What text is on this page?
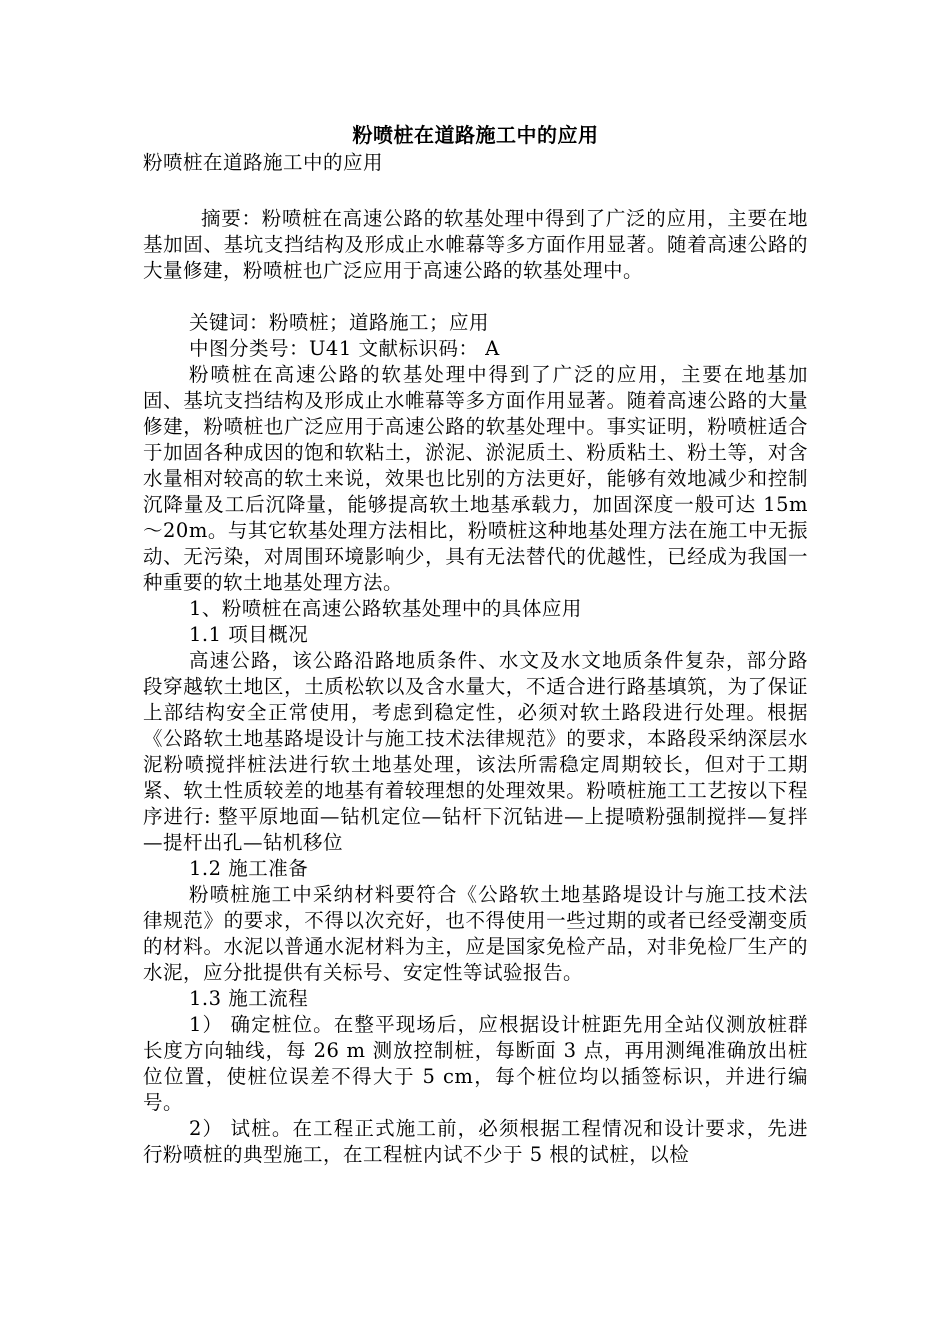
粉喷桩在道路施工中的应用

粉喷桩在道路施工中的应用

摘要：粉喷桩在高速公路的软基处理中得到了广泛的应用，主要在地基加固、基坑支挡结构及形成止水帷幕等多方面作用显著。随着高速公路的大量修建，粉喷桩也广泛应用于高速公路的软基处理中。

关键词：粉喷桩；道路施工；应用

中图分类号：U41 文献标识码： A

粉喷桩在高速公路的软基处理中得到了广泛的应用，主要在地基加固、基坑支挡结构及形成止水帷幕等多方面作用显著。随着高速公路的大量修建，粉喷桩也广泛应用于高速公路的软基处理中。事实证明，粉喷桩适合于加固各种成因的饱和软粘土，淤泥、淤泥质土、粉质粘土、粉土等，对含水量相对较高的软土来说，效果也比别的方法更好，能够有效地减少和控制沉降量及工后沉降量，能够提高软土地基承载力，加固深度一般可达 15m ～20m。与其它软基处理方法相比，粉喷桩这种地基处理方法在施工中无振动、无污染，对周围环境影响少，具有无法替代的优越性，已经成为我国一种重要的软土地基处理方法。

1、粉喷桩在高速公路软基处理中的具体应用

1.1 项目概况

高速公路，该公路沿路地质条件、水文及水文地质条件复杂，部分路段穿越软土地区，土质松软以及含水量大，不适合进行路基填筑，为了保证上部结构安全正常使用，考虑到稳定性，必须对软土路段进行处理。根据《公路软土地基路堤设计与施工技术法律规范》的要求，本路段采纳深层水泥粉喷搅拌桩法进行软土地基处理，该法所需稳定周期较长，但对于工期紧、软土性质较差的地基有着较理想的处理效果。粉喷桩施工工艺按以下程序进行: 整平原地面—钻机定位—钻杆下沉钻进—上提喷粉强制搅拌—复拌—提杆出孔—钻机移位

1.2 施工准备

粉喷桩施工中采纳材料要符合《公路软土地基路堤设计与施工技术法律规范》的要求，不得以次充好，也不得使用一些过期的或者已经受潮变质的材料。水泥以普通水泥材料为主，应是国家免检产品，对非免检厂生产的水泥，应分批提供有关标号、安定性等试验报告。

1.3 施工流程

1） 确定桩位。在整平现场后，应根据设计桩距先用全站仪测放桩群长度方向轴线，每 26 m 测放控制桩，每断面 3 点，再用测绳准确放出桩位位置，使桩位误差不得大于 5 cm，每个桩位均以插签标识，并进行编号。

2） 试桩。在工程正式施工前，必须根据工程情况和设计要求，先进行粉喷桩的典型施工，在工程桩内试不少于 5 根的试桩，以检
